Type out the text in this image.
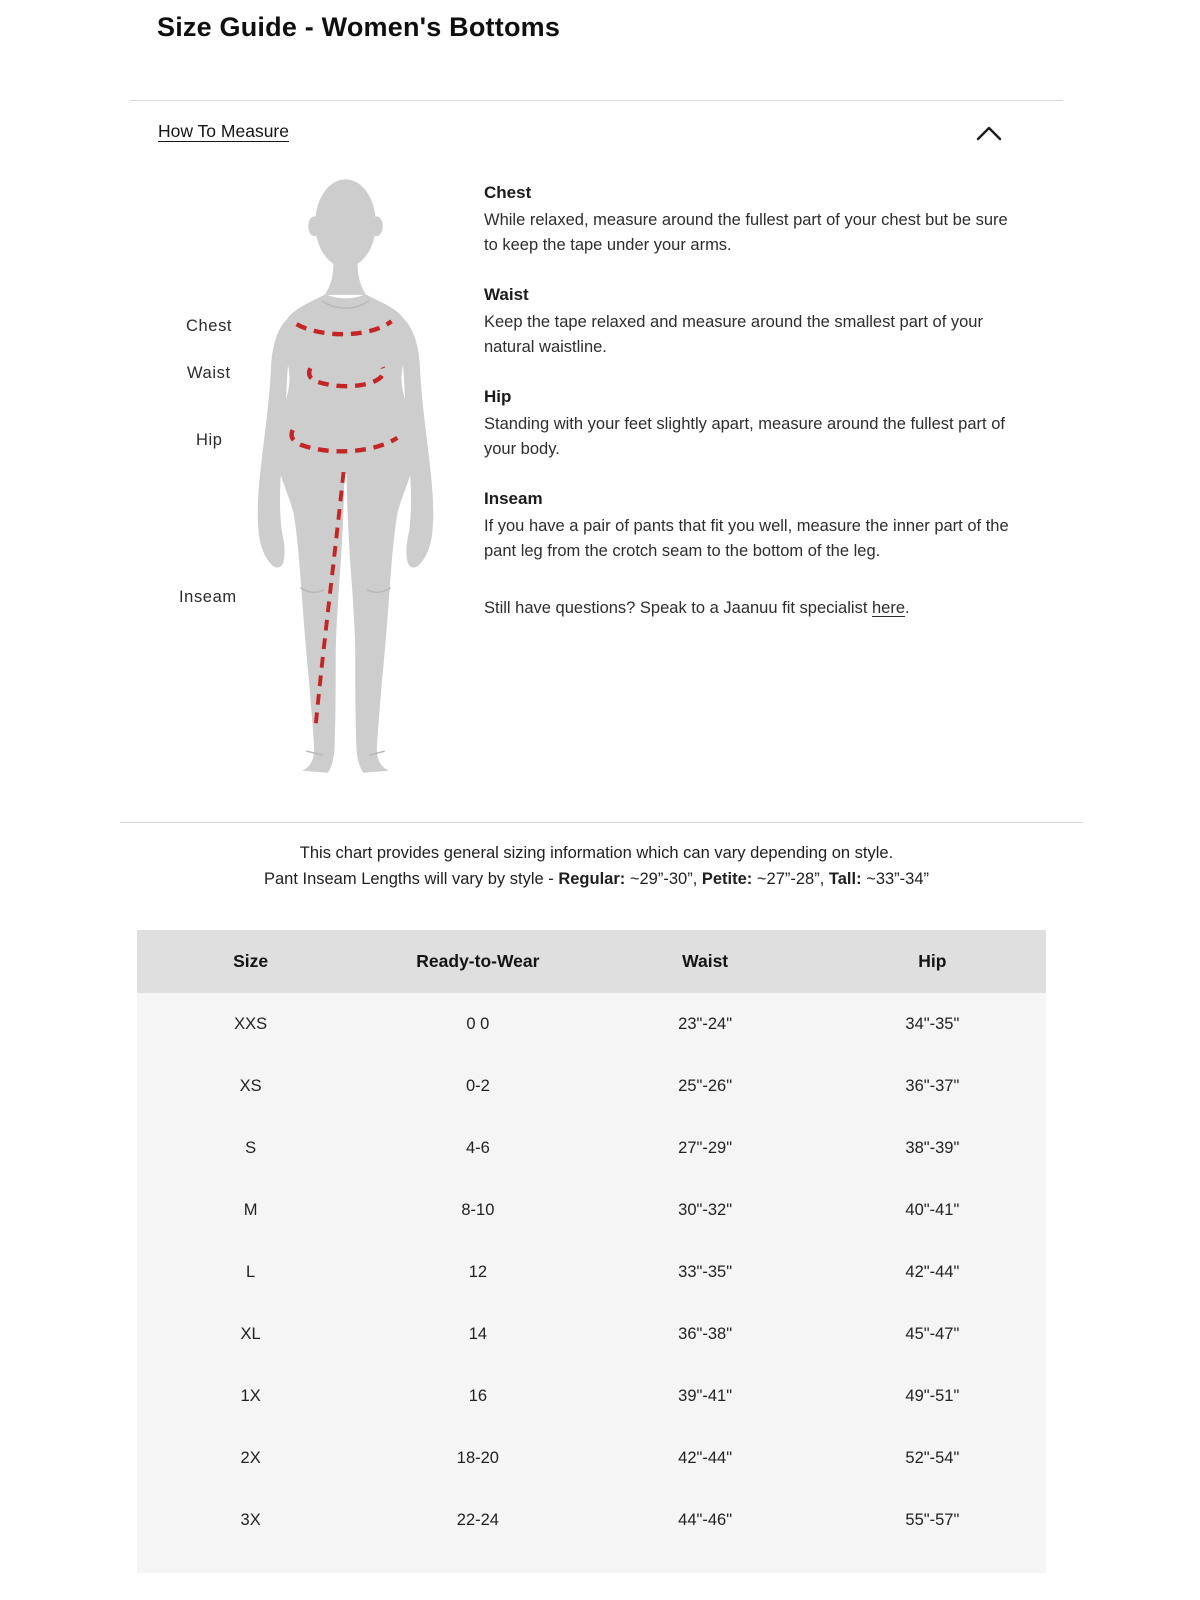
Size Guide - Women's Bottoms
How To Measure
Chest
Waist
Hip
Inseam
Chest

While relaxed, measure around the fullest part of your chest but be sure to keep the tape under your arms.

Waist

Keep the tape relaxed and measure around the smallest part of your natural waistline.

Hip

Standing with your feet slightly apart, measure around the fullest part of your body.

Inseam

If you have a pair of pants that fit you well, measure the inner part of the pant leg from the crotch seam to the bottom of the leg.

Still have questions? Speak to a Jaanuu fit specialist here.

This chart provides general sizing information which can vary depending on style.
Pant Inseam Lengths will vary by style - Regular: ~29”-30”, Petite: ~27”-28”, Tall: ~33”-34”
Size	Ready-to-Wear	Waist	Hip
XXS	0 0	23"-24"	34"-35"
XS	0-2	25"-26"	36"-37"
S	4-6	27"-29"	38"-39"
M	8-10	30"-32"	40"-41"
L	12	33"-35"	42"-44"
XL	14	36"-38"	45"-47"
1X	16	39"-41"	49"-51"
2X	18-20	42"-44"	52"-54"
3X	22-24	44"-46"	55"-57"
